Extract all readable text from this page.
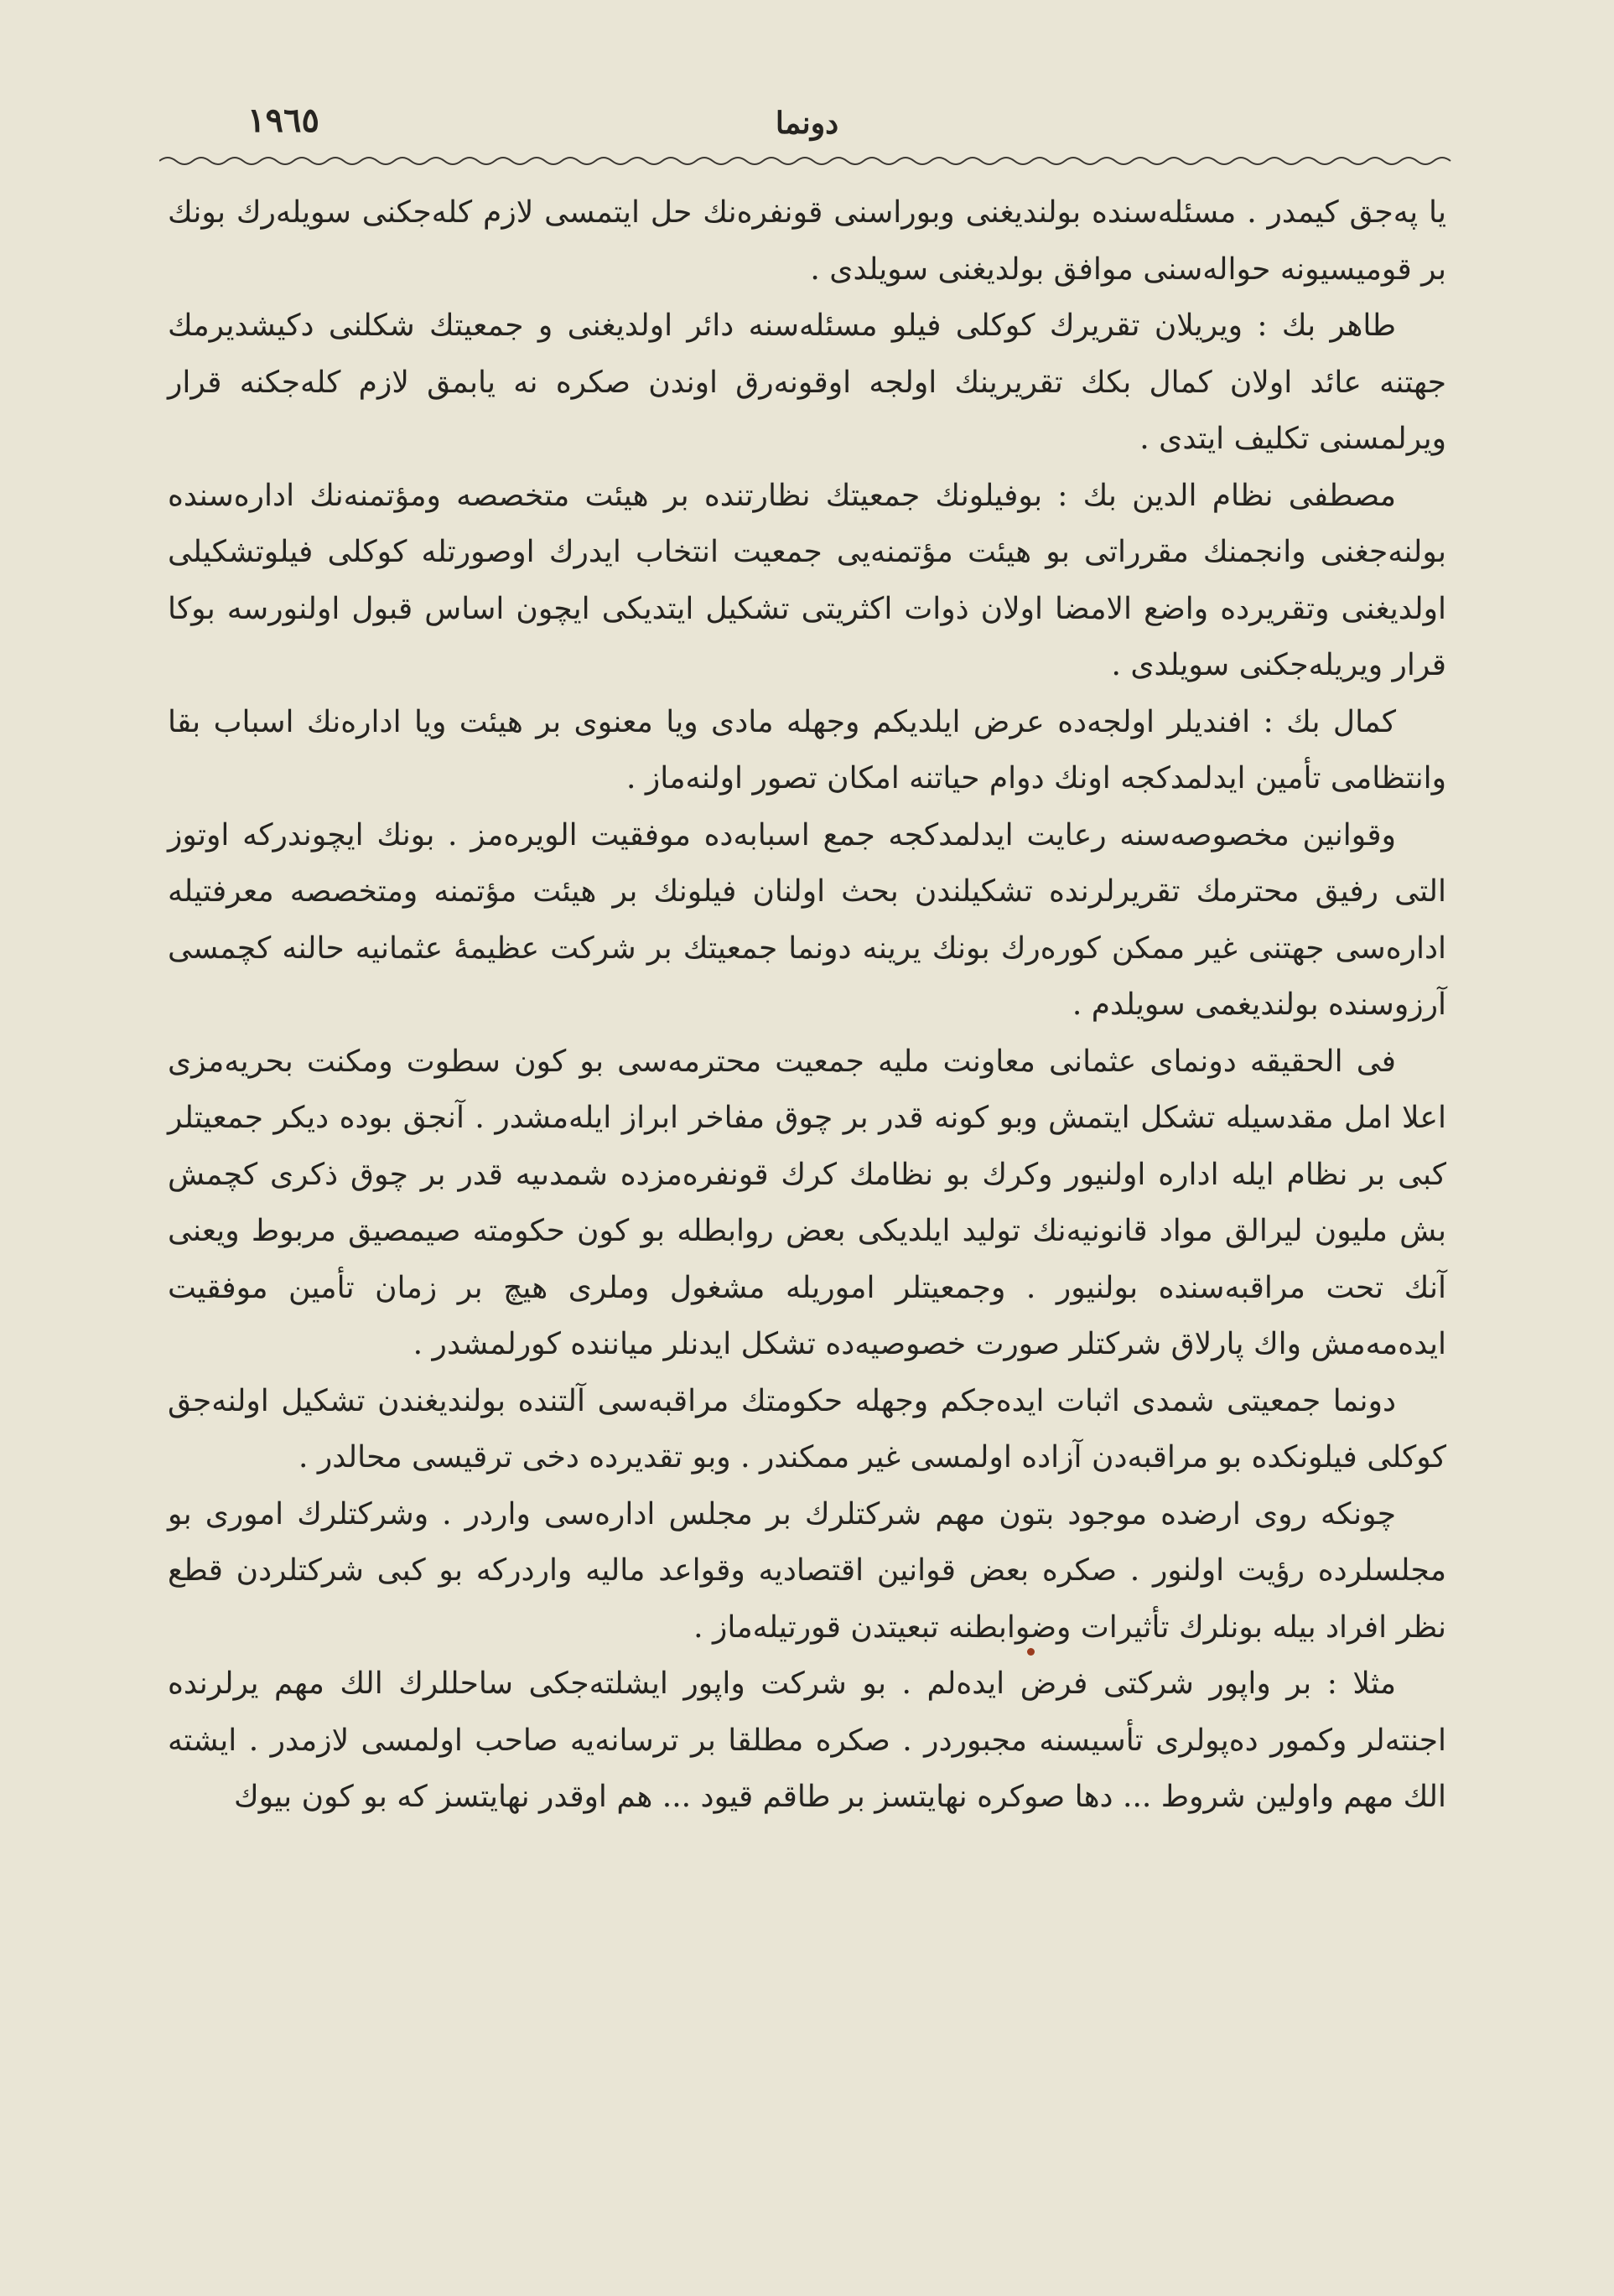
١٩٦٥	دونما

يا پەجق كيمدر . مسئلەسندە بولنديغنى وبوراسنى قونفرەنك حل ايتمسى لازم كلەجكنى سويلەرك بونك بر قوميسيونە حوالەسنى موافق بولديغنى سويلدى .

طاهر بك : ويريلان تقريرك كوكلى فيلو مسئلەسنە دائر اولديغنى و جمعيتك شكلنى دكيشديرمك جهتنە عائد اولان كمال بكك تقريرينك اولجە اوقونەرق اوندن صكرە نە يابمق لازم كلەجكنە قرار ويرلمسنى تكليف ايتدى .

مصطفى نظام الدين بك : بوفيلونك جمعيتك نظارتندە بر هيئت متخصصە ومؤتمنەنك ادارەسندە بولنەجغنى وانجمنك مقرراتى بو هيئت مؤتمنەيى جمعيت انتخاب ايدرك اوصورتلە كوكلى فيلوتشكيلى اولديغنى وتقريردە واضع الامضا اولان ذوات اكثريتى تشكيل ايتديكى ايچون اساس قبول اولنورسە بوكا قرار ويريلەجكنى سويلدى .

كمال بك : افنديلر اولجەدە عرض ايلديكم وجهلە مادى ويا معنوى بر هيئت ويا ادارەنك اسباب بقا وانتظامى تأمين ايدلمدكجە اونك دوام حياتنە امكان تصور اولنەماز .

وقوانين مخصوصەسنە رعايت ايدلمدكجە جمع اسبابەدە موفقيت الويرەمز . بونك ايچوندركە اوتوز التى رفيق محترمك تقريرلرندە تشكيلندن بحث اولنان فيلونك بر هيئت مؤتمنە ومتخصصە معرفتيلە ادارەسى جهتنى غير ممكن كورەرك بونك يرينە دونما جمعيتك بر شركت عظيمۀ عثمانيە حالنە كچمسى آرزوسندە بولنديغمى سويلدم .

فى الحقيقە دونماى عثمانى معاونت مليە جمعيت محترمەسى بو كون سطوت ومكنت بحريەمزى اعلا امل مقدسيلە تشكل ايتمش وبو كونە قدر بر چوق مفاخر ابراز ايلەمشدر . آنجق بودە ديكر جمعيتلر كبى بر نظام ايلە ادارە اولنيور وكرك بو نظامك كرك قونفرەمزدە شمدىيە قدر بر چوق ذكرى كچمش بش مليون ليرالق مواد قانونيەنك توليد ايلديكى بعض روابطلە بو كون حكومتە صيمصيق مربوط ويعنى آنك تحت مراقبەسندە بولنيور . وجمعيتلر اموريلە مشغول وملرى هيچ بر زمان تأمين موفقيت ايدەمەمش واك پارلاق شركتلر صورت خصوصيەدە تشكل ايدنلر ميانندە كورلمشدر .

دونما جمعيتى شمدى اثبات ايدەجكم وجهلە حكومتك مراقبەسى آلتندە بولنديغندن تشكيل اولنەجق كوكلى فيلونكدە بو مراقبەدن آزادە اولمسى غير ممكندر . وبو تقديردە دخى ترقيسى محالدر .

چونكە روى ارضدە موجود بتون مهم شركتلرك بر مجلس ادارەسى واردر . وشركتلرك امورى بو مجلسلردە رؤيت اولنور . صكرە بعض قوانين اقتصاديە وقواعد ماليە واردركە بو كبى شركتلردن قطع نظر افراد بيلە بونلرك تأثيرات وضوابطنە تبعيتدن قورتيلەماز .

مثلا : بر واپور شركتى فرض ايدەلم . بو شركت واپور ايشلتەجكى ساحللرك الك مهم يرلرندە اجنتەلر وكمور دەپولرى تأسيسنە مجبوردر . صكرە مطلقا بر ترسانەيە صاحب اولمسى لازمدر . ايشتە الك مهم واولين شروط ... دها صوكرە نهايتسز بر طاقم قيود ... هم اوقدر نهايتسز كە بو كون بيوك
